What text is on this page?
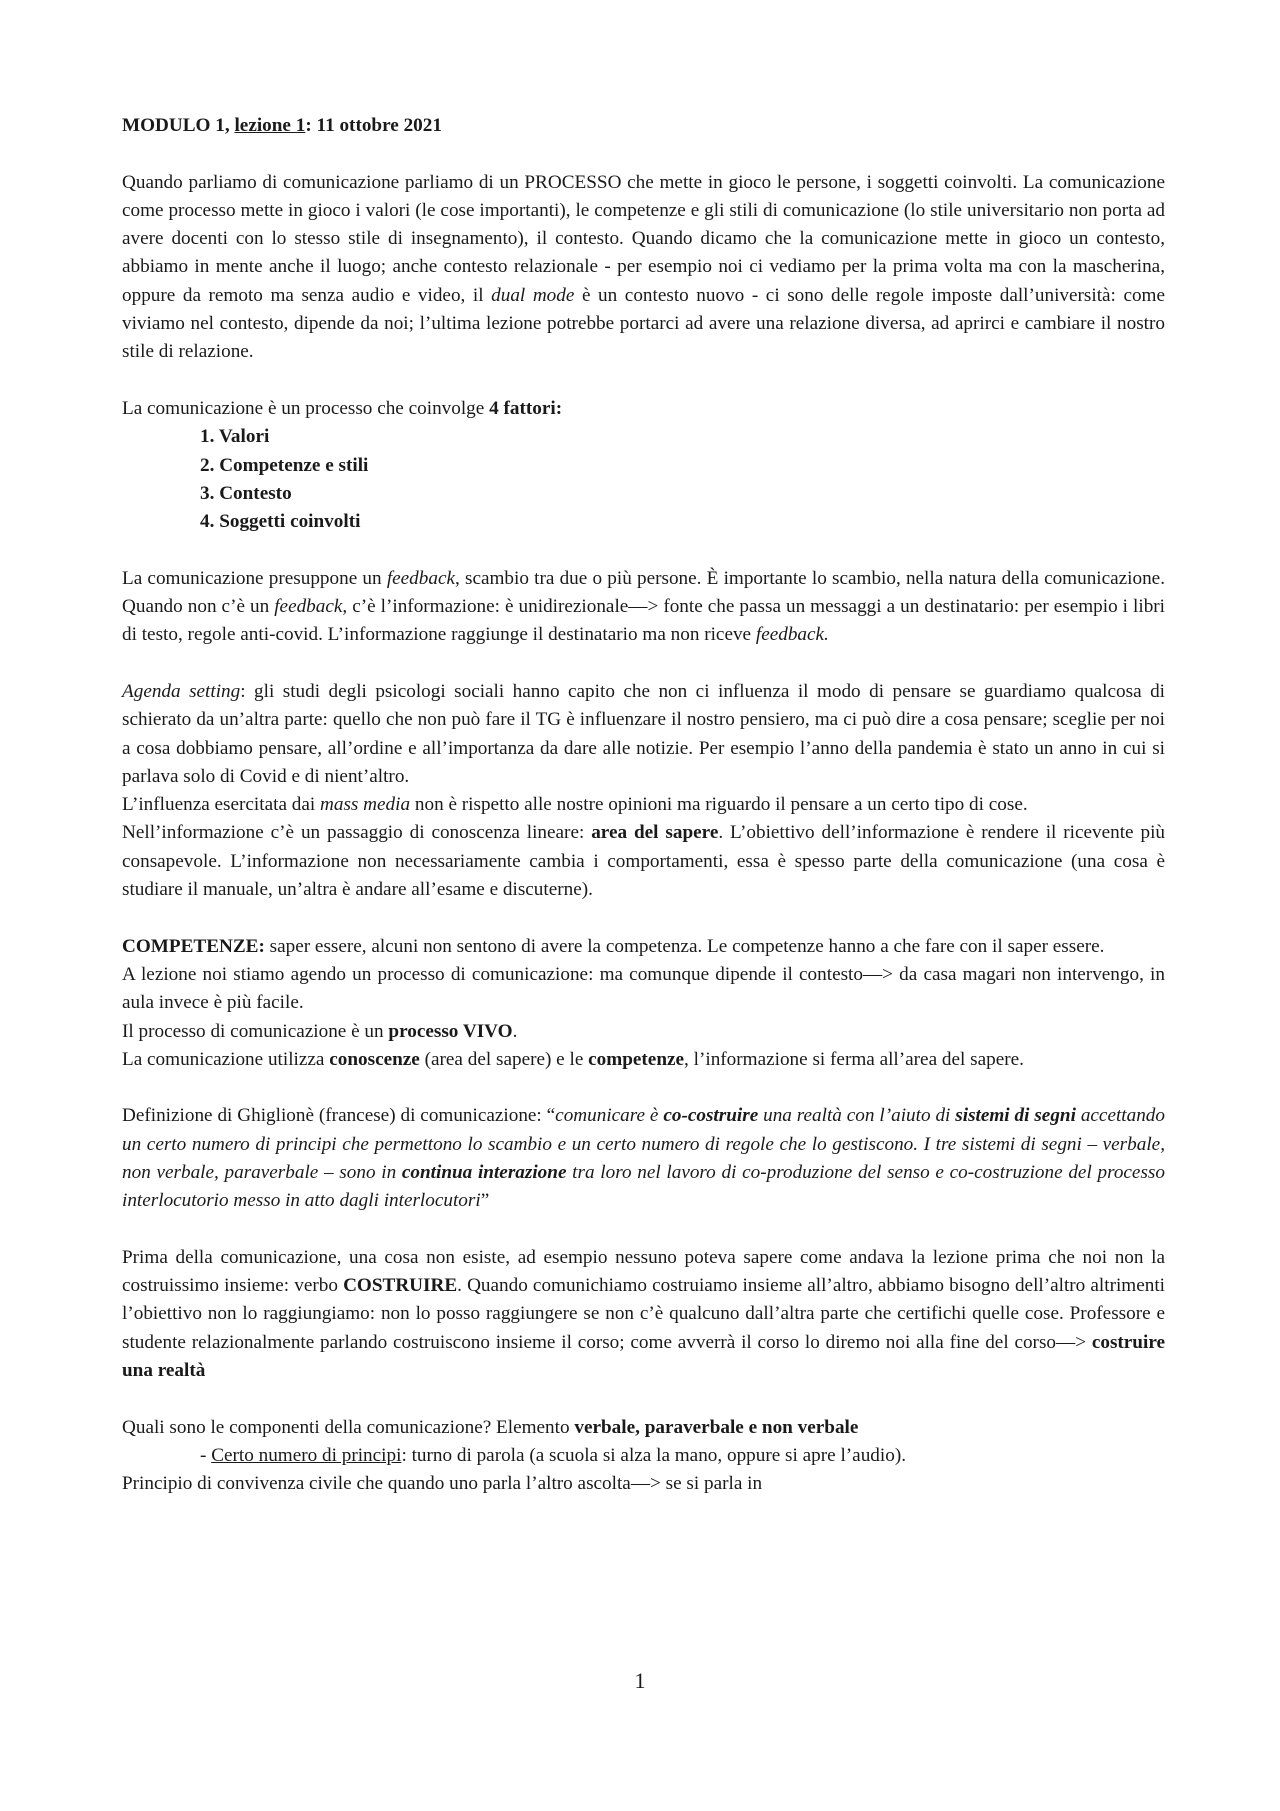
MODULO 1, lezione 1: 11 ottobre 2021

Quando parliamo di comunicazione parliamo di un PROCESSO che mette in gioco le persone, i soggetti coinvolti. La comunicazione come processo mette in gioco i valori (le cose importanti), le competenze e gli stili di comunicazione (lo stile universitario non porta ad avere docenti con lo stesso stile di insegnamento), il contesto. Quando dicamo che la comunicazione mette in gioco un contesto, abbiamo in mente anche il luogo; anche contesto relazionale - per esempio noi ci vediamo per la prima volta ma con la mascherina, oppure da remoto ma senza audio e video, il dual mode è un contesto nuovo - ci sono delle regole imposte dall’università: come viviamo nel contesto, dipende da noi; l’ultima lezione potrebbe portarci ad avere una relazione diversa, ad aprirci e cambiare il nostro stile di relazione.

La comunicazione è un processo che coinvolge 4 fattori:

1. Valori
2. Competenze e stili
3. Contesto
4. Soggetti coinvolti

La comunicazione presuppone un feedback, scambio tra due o più persone. È importante lo scambio, nella natura della comunicazione. Quando non c’è un feedback, c’è l’informazione: è unidirezionale—> fonte che passa un messaggi a un destinatario: per esempio i libri di testo, regole anti-covid. L’informazione raggiunge il destinatario ma non riceve feedback.

Agenda setting: gli studi degli psicologi sociali hanno capito che non ci influenza il modo di pensare se guardiamo qualcosa di schierato da un’altra parte: quello che non può fare il TG è influenzare il nostro pensiero, ma ci può dire a cosa pensare; sceglie per noi a cosa dobbiamo pensare, all’ordine e all’importanza da dare alle notizie. Per esempio l’anno della pandemia è stato un anno in cui si parlava solo di Covid e di nient’altro.

L’influenza esercitata dai mass media non è rispetto alle nostre opinioni ma riguardo il pensare a un certo tipo di cose.

Nell’informazione c’è un passaggio di conoscenza lineare: area del sapere. L’obiettivo dell’informazione è rendere il ricevente più consapevole. L’informazione non necessariamente cambia i comportamenti, essa è spesso parte della comunicazione (una cosa è studiare il manuale, un’altra è andare all’esame e discuterne).

COMPETENZE: saper essere, alcuni non sentono di avere la competenza. Le competenze hanno a che fare con il saper essere.

A lezione noi stiamo agendo un processo di comunicazione: ma comunque dipende il contesto—> da casa magari non intervengo, in aula invece è più facile.

Il processo di comunicazione è un processo VIVO.

La comunicazione utilizza conoscenze (area del sapere) e le competenze, l’informazione si ferma all’area del sapere.

Definizione di Ghiglionè (francese) di comunicazione: “comunicare è co-costruire una realtà con l’aiuto di sistemi di segni accettando un certo numero di principi che permettono lo scambio e un certo numero di regole che lo gestiscono. I tre sistemi di segni – verbale, non verbale, paraverbale – sono in continua interazione tra loro nel lavoro di co-produzione del senso e co-costruzione del processo interlocutorio messo in atto dagli interlocutori”

Prima della comunicazione, una cosa non esiste, ad esempio nessuno poteva sapere come andava la lezione prima che noi non la costruissimo insieme: verbo COSTRUIRE. Quando comunichiamo costruiamo insieme all’altro, abbiamo bisogno dell’altro altrimenti l’obiettivo non lo raggiungiamo: non lo posso raggiungere se non c’è qualcuno dall’altra parte che certifichi quelle cose. Professore e studente relazionalmente parlando costruiscono insieme il corso; come avverrà il corso lo diremo noi alla fine del corso—> costruire una realtà

Quali sono le componenti della comunicazione? Elemento verbale, paraverbale e non verbale

- Certo numero di principi: turno di parola (a scuola si alza la mano, oppure si apre l’audio).

Principio di convivenza civile che quando uno parla l’altro ascolta—> se si parla in

1
